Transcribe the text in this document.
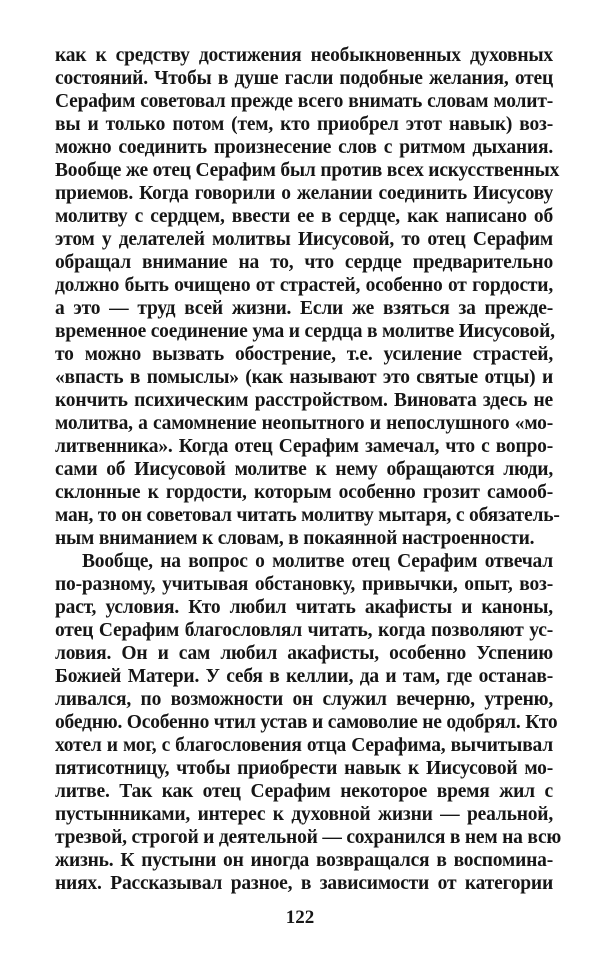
как к средству достижения необыкновенных духовных
состояний. Чтобы в душе гасли подобные желания, отец
Серафим советовал прежде всего внимать словам молит-
вы и только потом (тем, кто приобрел этот навык) воз-
можно соединить произнесение слов с ритмом дыхания.
Вообще же отец Серафим был против всех искусственных
приемов. Когда говорили о желании соединить Иисусову
молитву с сердцем, ввести ее в сердце, как написано об
этом у делателей молитвы Иисусовой, то отец Серафим
обращал внимание на то, что сердце предварительно
должно быть очищено от страстей, особенно от гордости,
а это — труд всей жизни. Если же взяться за прежде-
временное соединение ума и сердца в молитве Иисусовой,
то можно вызвать обострение, т.е. усиление страстей,
«впасть в помыслы» (как называют это святые отцы) и
кончить психическим расстройством. Виновата здесь не
молитва, а самомнение неопытного и непослушного «мо-
литвенника». Когда отец Серафим замечал, что с вопро-
сами об Иисусовой молитве к нему обращаются люди,
склонные к гордости, которым особенно грозит самооб-
ман, то он советовал читать молитву мытаря, с обязатель-
ным вниманием к словам, в покаянной настроенности.
Вообще, на вопрос о молитве отец Серафим отвечал
по-разному, учитывая обстановку, привычки, опыт, воз-
раст, условия. Кто любил читать акафисты и каноны,
отец Серафим благословлял читать, когда позволяют ус-
ловия. Он и сам любил акафисты, особенно Успению
Божией Матери. У себя в келлии, да и там, где останав-
ливался, по возможности он служил вечерню, утреню,
обедню. Особенно чтил устав и самоволие не одобрял. Кто
хотел и мог, с благословения отца Серафима, вычитывал
пятисотницу, чтобы приобрести навык к Иисусовой мо-
литве. Так как отец Серафим некоторое время жил с
пустынниками, интерес к духовной жизни — реальной,
трезвой, строгой и деятельной — сохранился в нем на всю
жизнь. К пустыни он иногда возвращался в воспомина-
ниях. Рассказывал разное, в зависимости от категории
122
